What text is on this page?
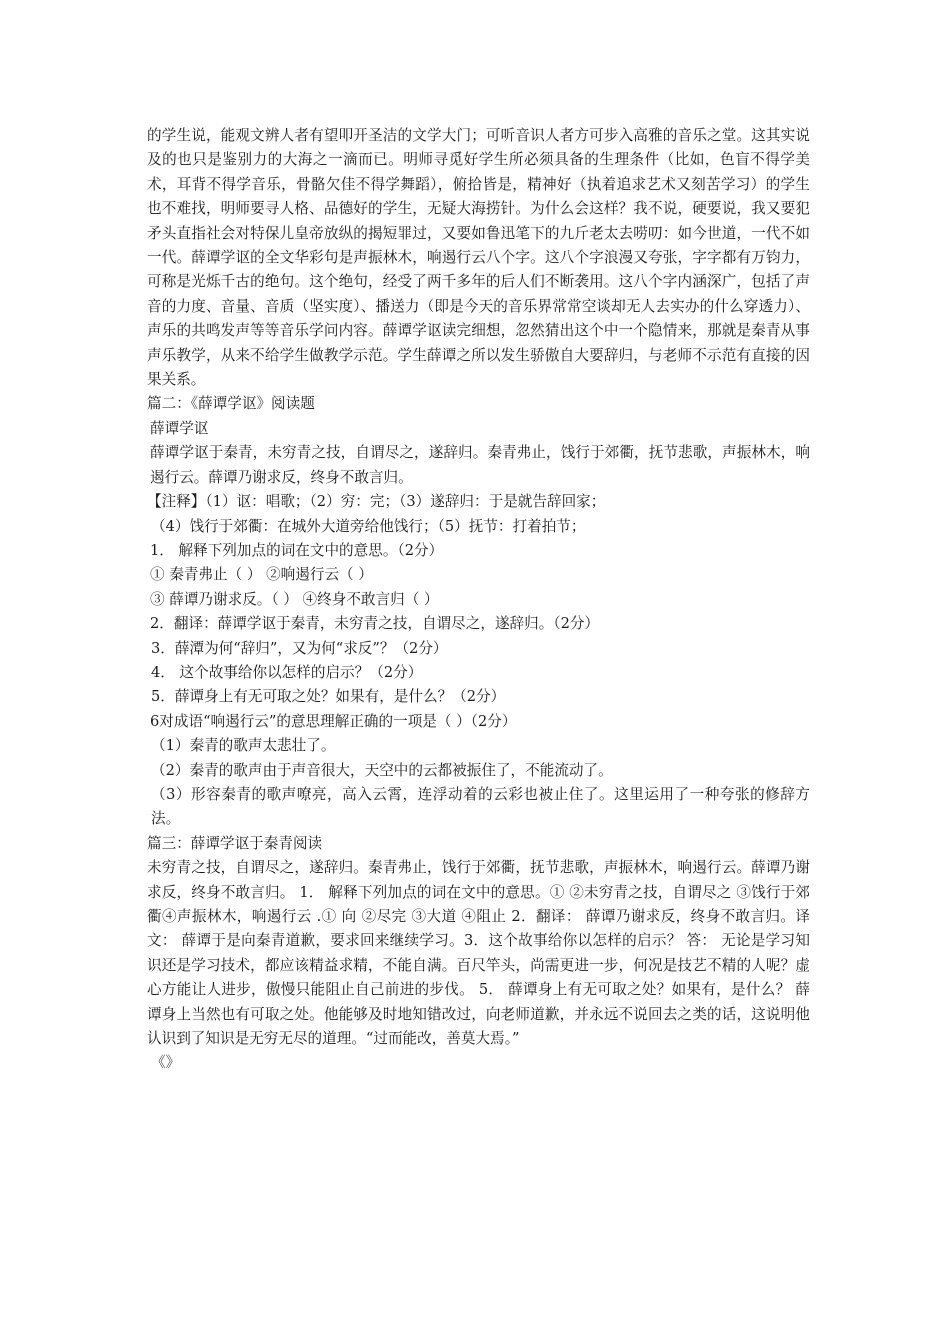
的学生说，能观文辨人者有望叩开圣洁的文学大门；可听音识人者方可步入高雅的音乐之堂。这其实说及的也只是鉴别力的大海之一滴而已。明师寻觅好学生所必须具备的生理条件（比如，色盲不得学美术，耳背不得学音乐，骨骼欠佳不得学舞蹈），俯拾皆是，精神好（执着追求艺术又刻苦学习）的学生也不难找，明师要寻人格、品德好的学生，无疑大海捞针。为什么会这样？我不说，硬要说，我又要犯矛头直指社会对特保儿皇帝放纵的揭短罪过，又要如鲁迅笔下的九斤老太去唠叨：如今世道，一代不如一代。薛谭学讴的全文华彩句是声振林木，响遏行云八个字。这八个字浪漫又夸张，字字都有万钧力，可称是光烁千古的绝句。这个绝句，经受了两千多年的后人们不断袭用。这八个字内涵深广，包括了声音的力度、音量、音质（坚实度）、播送力（即是今天的音乐界常常空谈却无人去实办的什么穿透力）、声乐的共鸣发声等等音乐学问内容。薛谭学讴读完细想，忽然猜出这个中一个隐情来，那就是秦青从事声乐教学，从来不给学生做教学示范。学生薛谭之所以发生骄傲自大要辞归，与老师不示范有直接的因果关系。

篇二：《薛谭学讴》阅读题

薛谭学讴

薛谭学讴于秦青，未穷青之技，自谓尽之，遂辞归。秦青弗止，饯行于郊衢，抚节悲歌，声振林木，响遏行云。薛谭乃谢求反，终身不敢言归。

【注释】（1）讴：唱歌；（2）穷：完；（3）遂辞归：于是就告辞回家；

（4）饯行于郊衢：在城外大道旁给他饯行；（5）抚节：打着拍节；

1． 解释下列加点的词在文中的意思。（2分）

① 秦青弗止（ ） ②响遏行云（ ）

③ 薛谭乃谢求反。（ ） ④终身不敢言归（ ）

2．翻译：薛谭学讴于秦青，未穷青之技，自谓尽之，遂辞归。（2分）

3．薛潭为何“辞归”，又为何“求反”？（2分）

4． 这个故事给你以怎样的启示？（2分）

5．薛谭身上有无可取之处？如果有，是什么？（2分）

6对成语“响遏行云”的意思理解正确的一项是（ ）（2分）

（1）秦青的歌声太悲壮了。

（2）秦青的歌声由于声音很大，天空中的云都被振住了，不能流动了。

（3）形容秦青的歌声嘹亮，高入云霄，连浮动着的云彩也被止住了。这里运用了一种夸张的修辞方法。

篇三：薛谭学讴于秦青阅读

未穷青之技，自谓尽之，遂辞归。秦青弗止，饯行于郊衢，抚节悲歌，声振林木，响遏行云。薛谭乃谢求反，终身不敢言归。 1． 解释下列加点的词在文中的意思。① ②未穷青之技，自谓尽之 ③饯行于郊衢④声振林木，响遏行云 .① 向 ②尽完 ③大道 ④阻止 2．翻译： 薛谭乃谢求反，终身不敢言归。译文： 薛谭于是向秦青道歉，要求回来继续学习。3．这个故事给你以怎样的启示？ 答： 无论是学习知识还是学习技术，都应该精益求精，不能自满。百尺竿头，尚需更进一步，何况是技艺不精的人呢？虚心方能让人进步，傲慢只能阻止自己前进的步伐。 5． 薛谭身上有无可取之处？如果有，是什么？ 薛谭身上当然也有可取之处。他能够及时地知错改过，向老师道歉，并永远不说回去之类的话，这说明他认识到了知识是无穷无尽的道理。“过而能改，善莫大焉。”

《》
